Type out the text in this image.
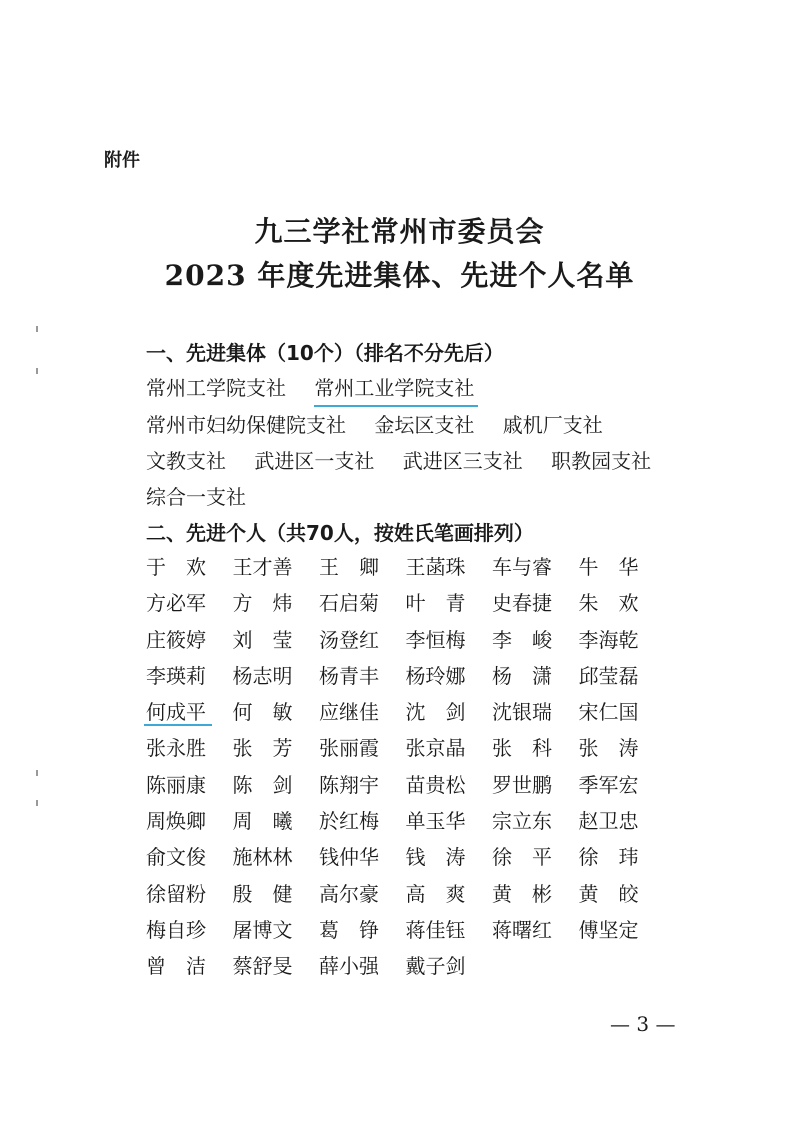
附件
九三学社常州市委员会
2023 年度先进集体、先进个人名单
一、先进集体（10个）（排名不分先后）
常州工学院支社 常州工业学院支社
常州市妇幼保健院支社 金坛区支社 戚机厂支社
文教支社 武进区一支社 武进区三支社 职教园支社
综合一支社
二、先进个人（共70人，按姓氏笔画排列）
于　欢	王才善	王　卿	王菡珠	车与睿	牛　华
方必军	方　炜	石启菊	叶　青	史春捷	朱　欢
庄筱婷	刘　莹	汤登红	李恒梅	李　峻	李海乾
李瑛莉	杨志明	杨青丰	杨玲娜	杨　潇	邱莹磊
何成平	何　敏	应继佳	沈　剑	沈银瑞	宋仁国
张永胜	张　芳	张丽霞	张京晶	张　科	张　涛
陈丽康	陈　剑	陈翔宇	苗贵松	罗世鹏	季军宏
周焕卿	周　曦	於红梅	单玉华	宗立东	赵卫忠
俞文俊	施林林	钱仲华	钱　涛	徐　平	徐　玮
徐留粉	殷　健	高尔豪	高　爽	黄　彬	黄　皎
梅自珍	屠博文	葛　铮	蒋佳钰	蒋曙红	傅坚定
曾　洁	蔡舒旻	薛小强	戴子剑
— 3 —
